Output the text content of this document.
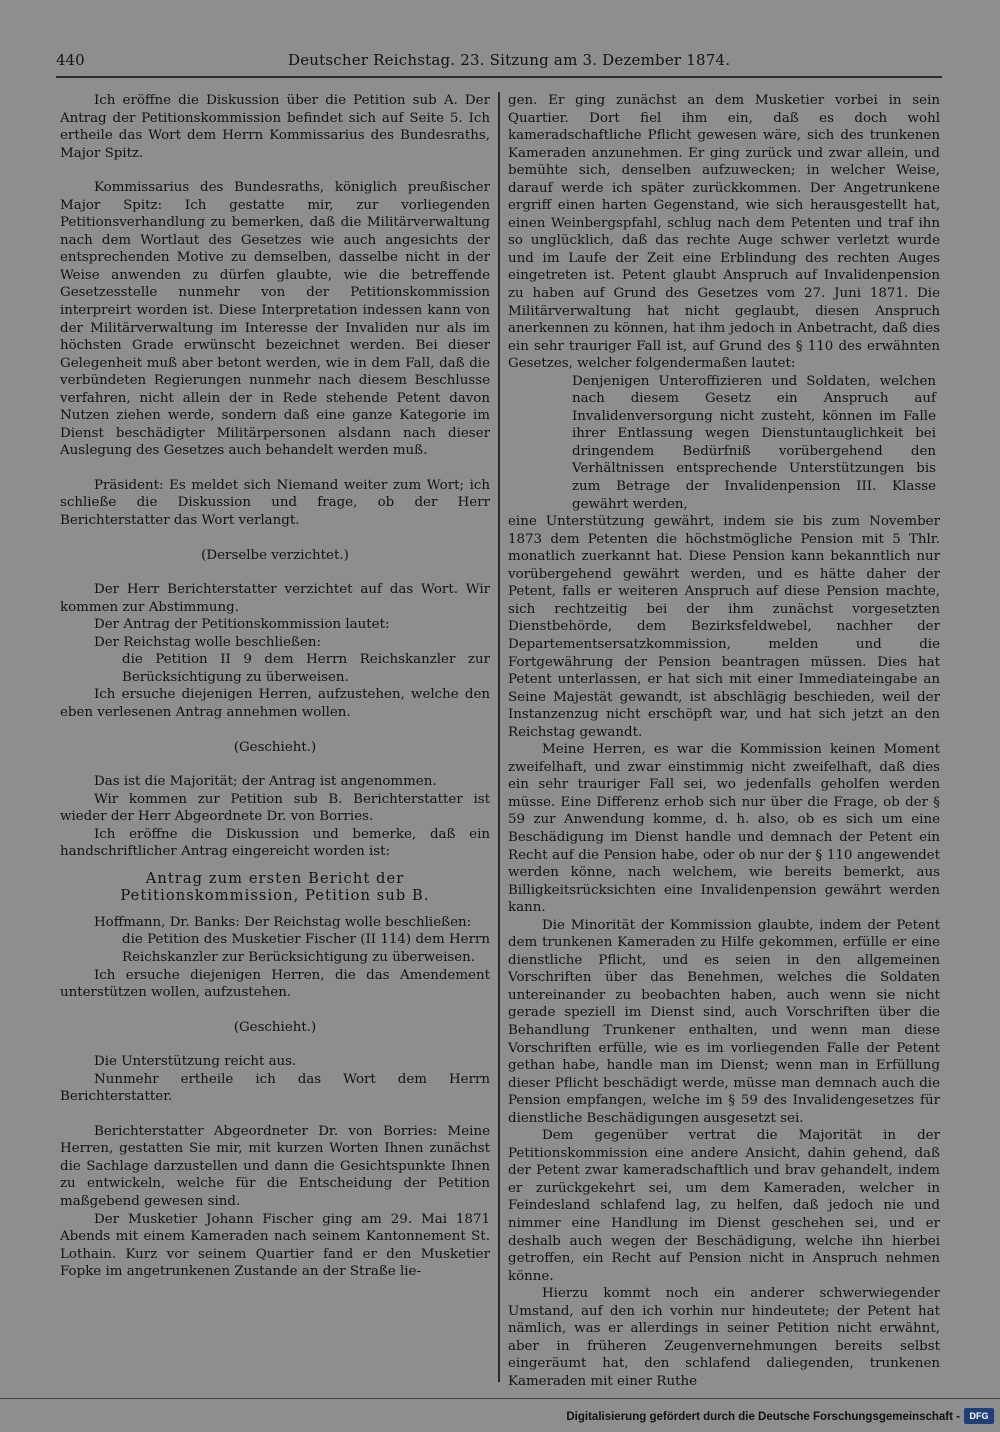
440	Deutscher Reichstag. 23. Sitzung am 3. Dezember 1874.

Ich eröffne die Diskussion über die Petition sub A. Der Antrag der Petitionskommission befindet sich auf Seite 5. Ich ertheile das Wort dem Herrn Kommissarius des Bundesraths, Major Spitz.

Kommissarius des Bundesraths, königlich preußischer Major Spitz: Ich gestatte mir, zur vorliegenden Petitionsverhandlung zu bemerken, daß die Militärverwaltung nach dem Wortlaut des Gesetzes wie auch angesichts der entsprechenden Motive zu demselben, dasselbe nicht in der Weise anwenden zu dürfen glaubte, wie die betreffende Gesetzesstelle nunmehr von der Petitionskommission interpreirt worden ist. Diese Interpretation indessen kann von der Militärverwaltung im Interesse der Invaliden nur als im höchsten Grade erwünscht bezeichnet werden. Bei dieser Gelegenheit muß aber betont werden, wie in dem Fall, daß die verbündeten Regierungen nunmehr nach diesem Beschlusse verfahren, nicht allein der in Rede stehende Petent davon Nutzen ziehen werde, sondern daß eine ganze Kategorie im Dienst beschädigter Militärpersonen alsdann nach dieser Auslegung des Gesetzes auch behandelt werden muß.

Präsident: Es meldet sich Niemand weiter zum Wort; ich schließe die Diskussion und frage, ob der Herr Berichterstatter das Wort verlangt.

(Derselbe verzichtet.)

Der Herr Berichterstatter verzichtet auf das Wort. Wir kommen zur Abstimmung.

Der Antrag der Petitionskommission lautet:

Der Reichstag wolle beschließen:

die Petition II 9 dem Herrn Reichskanzler zur Berücksichtigung zu überweisen.

Ich ersuche diejenigen Herren, aufzustehen, welche den eben verlesenen Antrag annehmen wollen.

(Geschieht.)

Das ist die Majorität; der Antrag ist angenommen.

Wir kommen zur Petition sub B. Berichterstatter ist wieder der Herr Abgeordnete Dr. von Borries.

Ich eröffne die Diskussion und bemerke, daß ein handschriftlicher Antrag eingereicht worden ist:

Antrag zum ersten Bericht der Petitionskommission, Petition sub B.

Hoffmann, Dr. Banks: Der Reichstag wolle beschließen:

die Petition des Musketier Fischer (II 114) dem Herrn Reichskanzler zur Berücksichtigung zu überweisen.

Ich ersuche diejenigen Herren, die das Amendement unterstützen wollen, aufzustehen.

(Geschieht.)

Die Unterstützung reicht aus.

Nunmehr ertheile ich das Wort dem Herrn Berichterstatter.

Berichterstatter Abgeordneter Dr. von Borries: Meine Herren, gestatten Sie mir, mit kurzen Worten Ihnen zunächst die Sachlage darzustellen und dann die Gesichtspunkte Ihnen zu entwickeln, welche für die Entscheidung der Petition maßgebend gewesen sind.

Der Musketier Johann Fischer ging am 29. Mai 1871 Abends mit einem Kameraden nach seinem Kantonnement St. Lothain. Kurz vor seinem Quartier fand er den Musketier Fopke im angetrunkenen Zustande an der Straße lie-

gen. Er ging zunächst an dem Musketier vorbei in sein Quartier. Dort fiel ihm ein, daß es doch wohl kameradschaftliche Pflicht gewesen wäre, sich des trunkenen Kameraden anzunehmen. Er ging zurück und zwar allein, und bemühte sich, denselben aufzuwecken; in welcher Weise, darauf werde ich später zurückkommen. Der Angetrunkene ergriff einen harten Gegenstand, wie sich herausgestellt hat, einen Weinbergspfahl, schlug nach dem Petenten und traf ihn so unglücklich, daß das rechte Auge schwer verletzt wurde und im Laufe der Zeit eine Erblindung des rechten Auges eingetreten ist. Petent glaubt Anspruch auf Invalidenpension zu haben auf Grund des Gesetzes vom 27. Juni 1871. Die Militärverwaltung hat nicht geglaubt, diesen Anspruch anerkennen zu können, hat ihm jedoch in Anbetracht, daß dies ein sehr trauriger Fall ist, auf Grund des § 110 des erwähnten Gesetzes, welcher folgendermaßen lautet:

Denjenigen Unteroffizieren und Soldaten, welchen nach diesem Gesetz ein Anspruch auf Invalidenversorgung nicht zusteht, können im Falle ihrer Entlassung wegen Dienstuntauglichkeit bei dringendem Bedürfniß vorübergehend den Verhältnissen entsprechende Unterstützungen bis zum Betrage der Invalidenpension III. Klasse gewährt werden,

eine Unterstützung gewährt, indem sie bis zum November 1873 dem Petenten die höchstmögliche Pension mit 5 Thlr. monatlich zuerkannt hat. Diese Pension kann bekanntlich nur vorübergehend gewährt werden, und es hätte daher der Petent, falls er weiteren Anspruch auf diese Pension machte, sich rechtzeitig bei der ihm zunächst vorgesetzten Dienstbehörde, dem Bezirksfeldwebel, nachher der Departementsersatzkommission, melden und die Fortgewährung der Pension beantragen müssen. Dies hat Petent unterlassen, er hat sich mit einer Immediateingabe an Seine Majestät gewandt, ist abschlägig beschieden, weil der Instanzenzug nicht erschöpft war, und hat sich jetzt an den Reichstag gewandt.

Meine Herren, es war die Kommission keinen Moment zweifelhaft, und zwar einstimmig nicht zweifelhaft, daß dies ein sehr trauriger Fall sei, wo jedenfalls geholfen werden müsse. Eine Differenz erhob sich nur über die Frage, ob der § 59 zur Anwendung komme, d. h. also, ob es sich um eine Beschädigung im Dienst handle und demnach der Petent ein Recht auf die Pension habe, oder ob nur der § 110 angewendet werden könne, nach welchem, wie bereits bemerkt, aus Billigkeitsrücksichten eine Invalidenpension gewährt werden kann.

Die Minorität der Kommission glaubte, indem der Petent dem trunkenen Kameraden zu Hilfe gekommen, erfülle er eine dienstliche Pflicht, und es seien in den allgemeinen Vorschriften über das Benehmen, welches die Soldaten untereinander zu beobachten haben, auch wenn sie nicht gerade speziell im Dienst sind, auch Vorschriften über die Behandlung Trunkener enthalten, und wenn man diese Vorschriften erfülle, wie es im vorliegenden Falle der Petent gethan habe, handle man im Dienst; wenn man in Erfüllung dieser Pflicht beschädigt werde, müsse man demnach auch die Pension empfangen, welche im § 59 des Invalidengesetzes für dienstliche Beschädigungen ausgesetzt sei.

Dem gegenüber vertrat die Majorität in der Petitionskommission eine andere Ansicht, dahin gehend, daß der Petent zwar kameradschaftlich und brav gehandelt, indem er zurückgekehrt sei, um dem Kameraden, welcher in Feindesland schlafend lag, zu helfen, daß jedoch nie und nimmer eine Handlung im Dienst geschehen sei, und er deshalb auch wegen der Beschädigung, welche ihn hierbei getroffen, ein Recht auf Pension nicht in Anspruch nehmen könne.

Hierzu kommt noch ein anderer schwerwiegender Umstand, auf den ich vorhin nur hindeutete; der Petent hat nämlich, was er allerdings in seiner Petition nicht erwähnt, aber in früheren Zeugenvernehmungen bereits selbst eingeräumt hat, den schlafend daliegenden, trunkenen Kameraden mit einer Ruthe

Digitalisierung gefördert durch die Deutsche Forschungsgemeinschaft -	DFG
